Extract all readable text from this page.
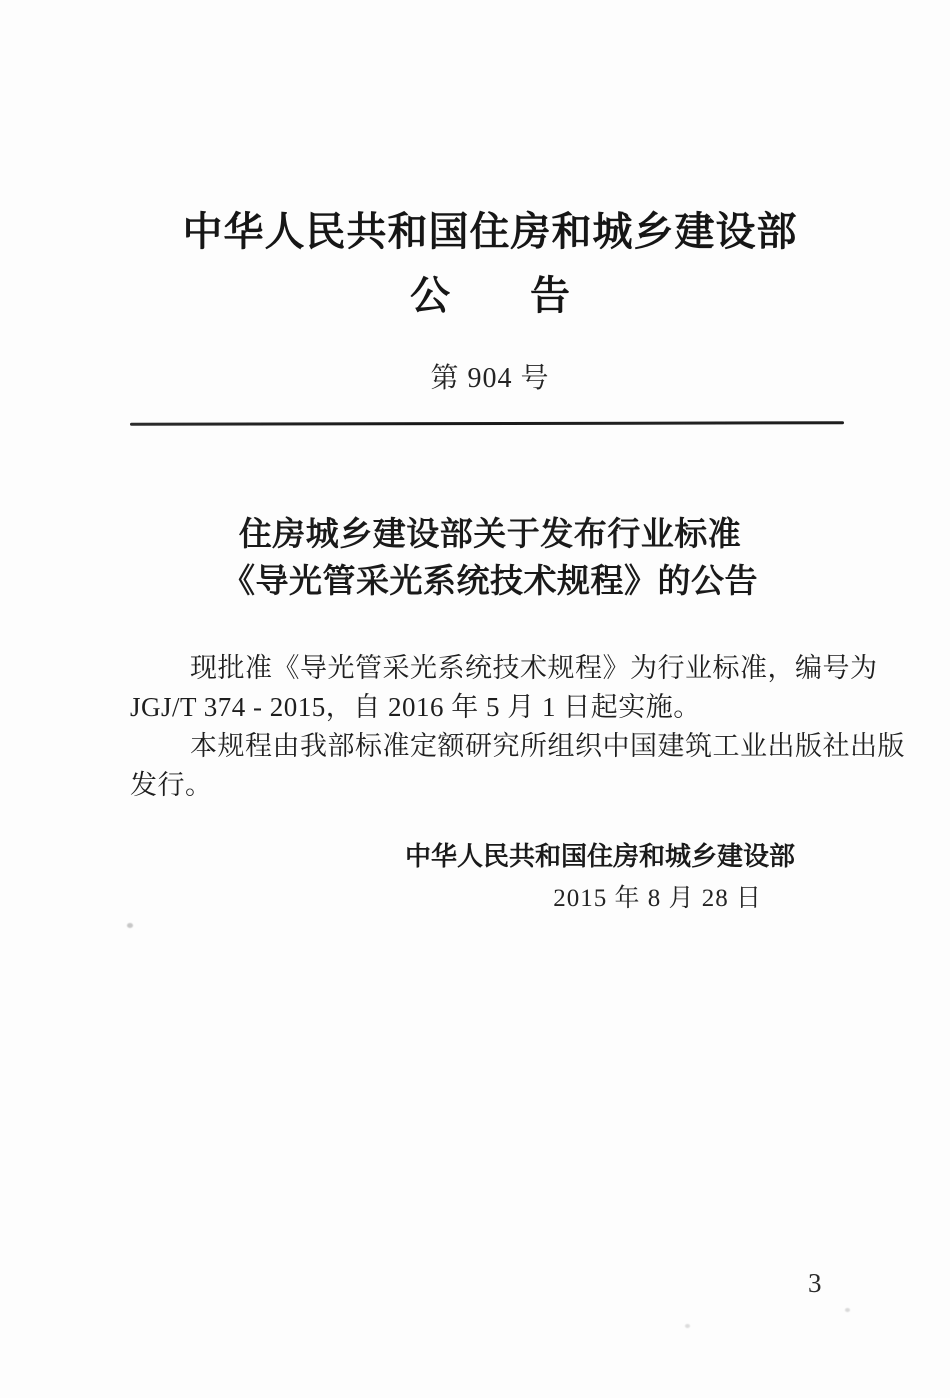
中华人民共和国住房和城乡建设部
公　　告
第 904 号
住房城乡建设部关于发布行业标准
《导光管采光系统技术规程》的公告
现批准《导光管采光系统技术规程》为行业标准，编号为
JGJ/T 374 - 2015，自 2016 年 5 月 1 日起实施。
本规程由我部标准定额研究所组织中国建筑工业出版社出版
发行。
中华人民共和国住房和城乡建设部
2015 年 8 月 28 日
3
